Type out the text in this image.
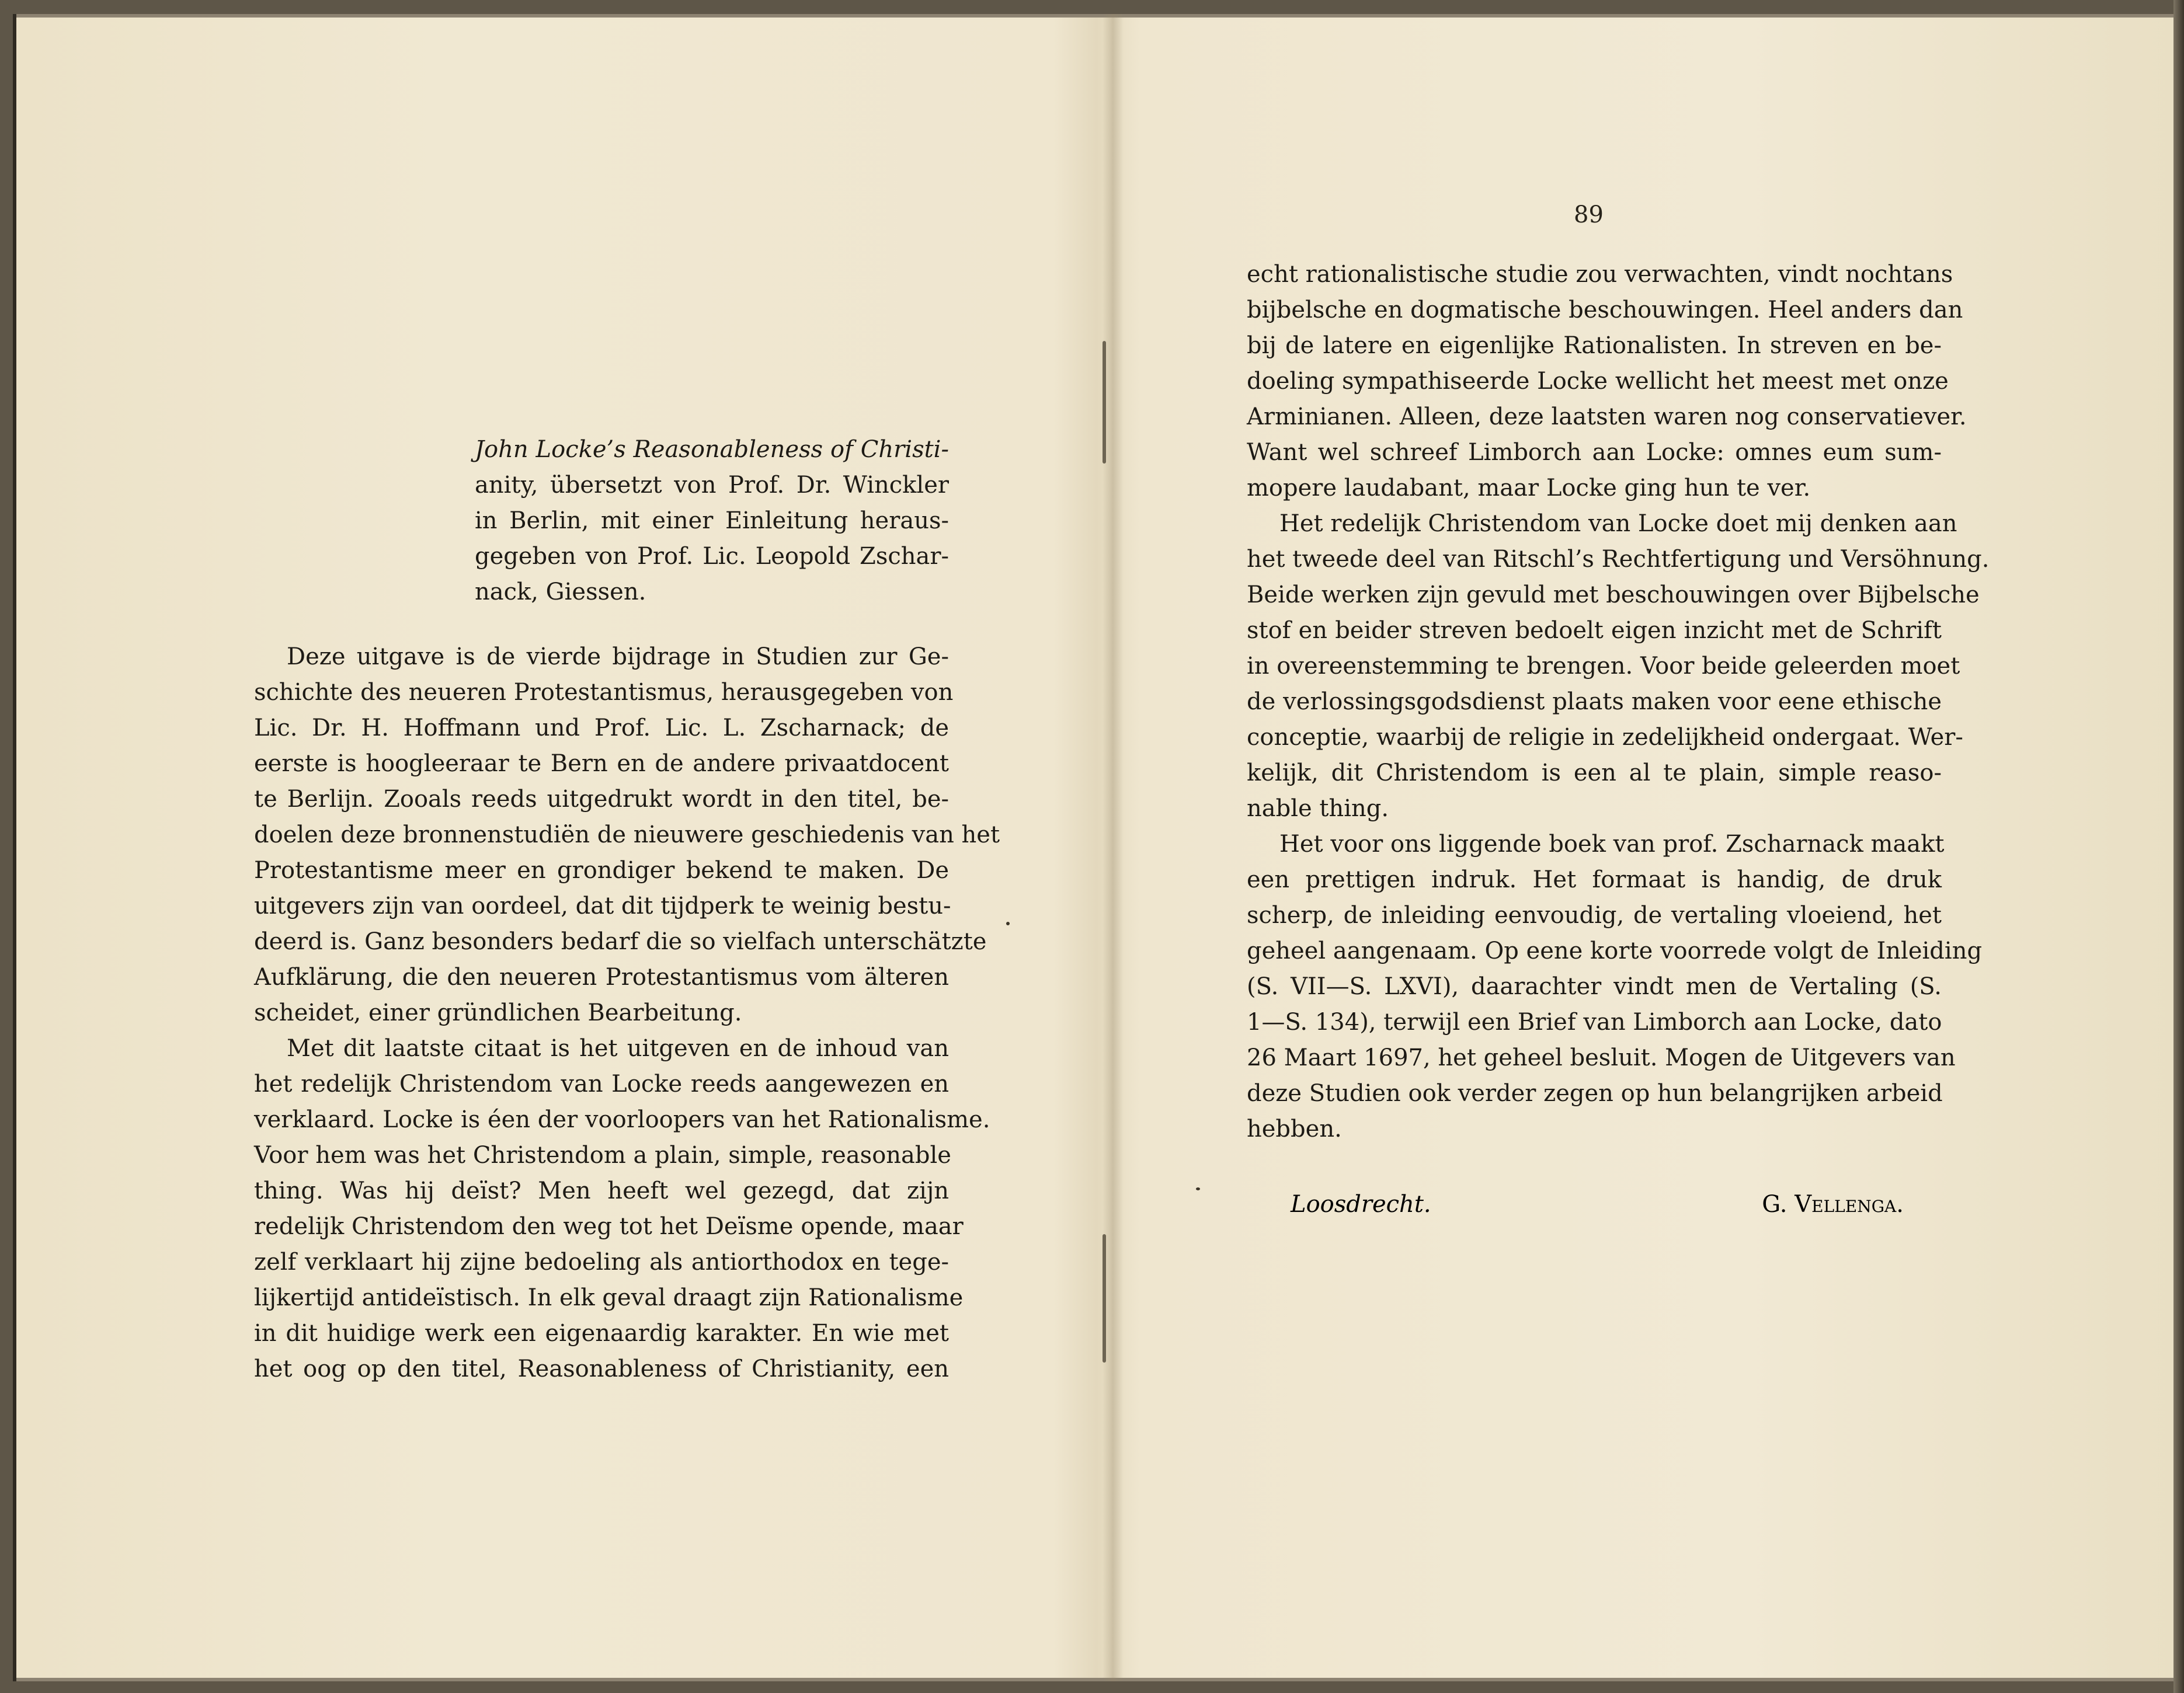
89
John Locke’s Reasonableness of Christi-
anity, übersetzt von Prof. Dr. Winckler
in Berlin, mit einer Einleitung heraus-
gegeben von Prof. Lic. Leopold Zschar-
nack, Giessen.
Deze uitgave is de vierde bijdrage in Studien zur Ge-
schichte des neueren Protestantismus, herausgegeben von
Lic. Dr. H. Hoffmann und Prof. Lic. L. Zscharnack; de
eerste is hoogleeraar te Bern en de andere privaatdocent
te Berlijn. Zooals reeds uitgedrukt wordt in den titel, be-
doelen deze bronnenstudiën de nieuwere geschiedenis van het
Protestantisme meer en grondiger bekend te maken. De
uitgevers zijn van oordeel, dat dit tijdperk te weinig bestu-
deerd is. Ganz besonders bedarf die so vielfach unterschätzte
Aufklärung, die den neueren Protestantismus vom älteren
scheidet, einer gründlichen Bearbeitung.
Met dit laatste citaat is het uitgeven en de inhoud van
het redelijk Christendom van Locke reeds aangewezen en
verklaard. Locke is éen der voorloopers van het Rationalisme.
Voor hem was het Christendom a plain, simple, reasonable
thing. Was hij deïst? Men heeft wel gezegd, dat zijn
redelijk Christendom den weg tot het Deïsme opende, maar
zelf verklaart hij zijne bedoeling als antiorthodox en tege-
lijkertijd antideïstisch. In elk geval draagt zijn Rationalisme
in dit huidige werk een eigenaardig karakter. En wie met
het oog op den titel, Reasonableness of Christianity, een
echt rationalistische studie zou verwachten, vindt nochtans
bijbelsche en dogmatische beschouwingen. Heel anders dan
bij de latere en eigenlijke Rationalisten. In streven en be-
doeling sympathiseerde Locke wellicht het meest met onze
Arminianen. Alleen, deze laatsten waren nog conservatiever.
Want wel schreef Limborch aan Locke: omnes eum sum-
mopere laudabant, maar Locke ging hun te ver.
Het redelijk Christendom van Locke doet mij denken aan
het tweede deel van Ritschl’s Rechtfertigung und Versöhnung.
Beide werken zijn gevuld met beschouwingen over Bijbelsche
stof en beider streven bedoelt eigen inzicht met de Schrift
in overeenstemming te brengen. Voor beide geleerden moet
de verlossingsgodsdienst plaats maken voor eene ethische
conceptie, waarbij de religie in zedelijkheid ondergaat. Wer-
kelijk, dit Christendom is een al te plain, simple reaso-
nable thing.
Het voor ons liggende boek van prof. Zscharnack maakt
een prettigen indruk. Het formaat is handig, de druk
scherp, de inleiding eenvoudig, de vertaling vloeiend, het
geheel aangenaam. Op eene korte voorrede volgt de Inleiding
(S. VII—S. LXVI), daarachter vindt men de Vertaling (S.
1—S. 134), terwijl een Brief van Limborch aan Locke, dato
26 Maart 1697, het geheel besluit. Mogen de Uitgevers van
deze Studien ook verder zegen op hun belangrijken arbeid
hebben.
Loosdrecht.	G. Vellenga.
